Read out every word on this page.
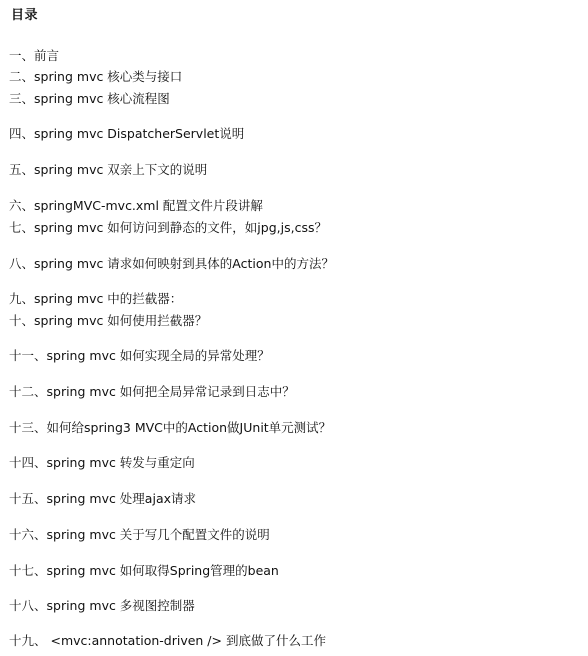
目录
一、前言
二、spring mvc 核心类与接口
三、spring mvc 核心流程图
四、spring mvc DispatcherServlet说明
五、spring mvc 双亲上下文的说明
六、springMVC-mvc.xml 配置文件片段讲解
七、spring mvc 如何访问到静态的文件，如jpg,js,css？
八、spring mvc 请求如何映射到具体的Action中的方法？
九、spring mvc 中的拦截器：
十、spring mvc 如何使用拦截器？
十一、spring mvc 如何实现全局的异常处理？
十二、spring mvc 如何把全局异常记录到日志中？
十三、如何给spring3 MVC中的Action做JUnit单元测试？
十四、spring mvc 转发与重定向
十五、spring mvc 处理ajax请求
十六、spring mvc 关于写几个配置文件的说明
十七、spring mvc 如何取得Spring管理的bean
十八、spring mvc 多视图控制器
十九、 <mvc:annotation-driven /> 到底做了什么工作
